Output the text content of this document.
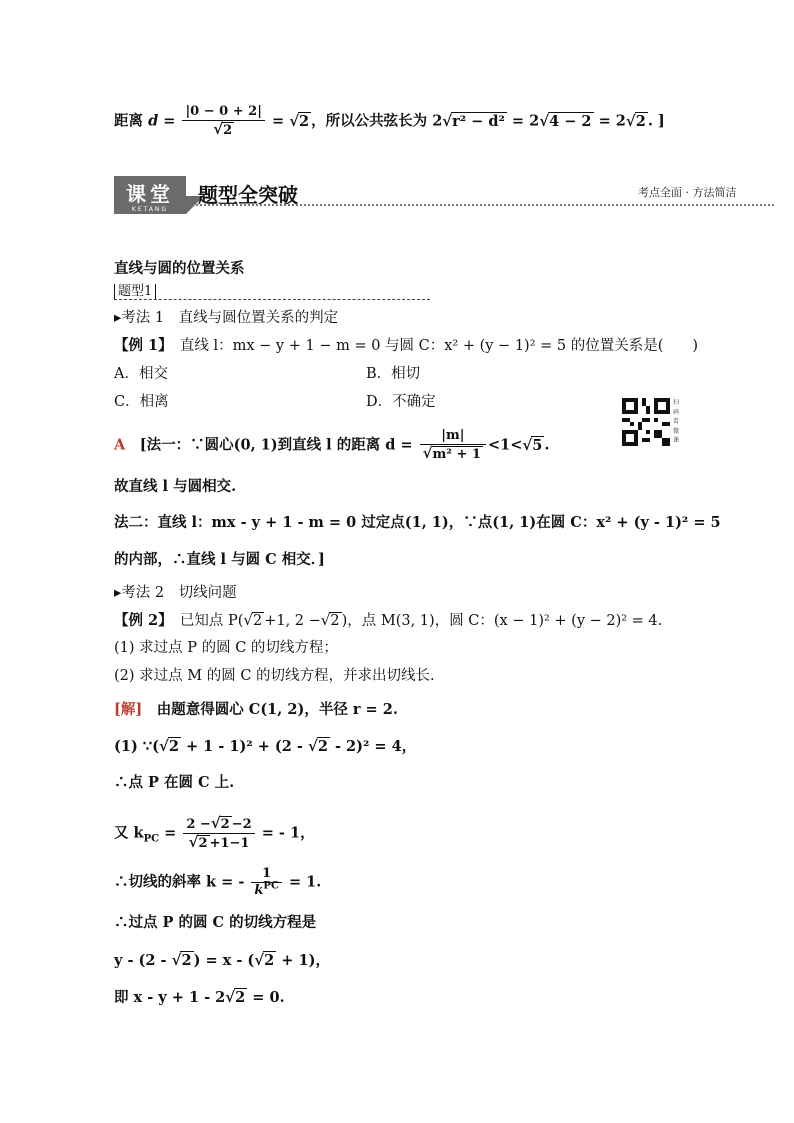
距离 $d = \frac{|0 - 0 + 2|}{√2} = √2$ ，所以公共弦长为 2√r² − d² = 2√4 − 2 = 2√2 . ]
课堂
KETANG
题型全突破	考点全面 · 方法简洁
直线与圆的位置关系
题型1
▸考法 1　直线与圆位置关系的判定
【例 1】　直线 l：mx − y + 1 − m = 0 与圆 C：x² + (y − 1)² = 5 的位置关系是(　　)
A．相交	B．相切
C．相离	D．不确定	扫码看微课
A　 [法一：∵圆心(0, 1)到直线 l 的距离 $d = \frac{|m|}{\text{√m² + 1}} <1<√5$ .
故直线 l 与圆相交.
法二：直线 l：mx - y + 1 - m = 0 过定点(1, 1)，∵点(1, 1)在圆 C：x² + (y - 1)² = 5
的内部，∴直线 l 与圆 C 相交．]
▸考法 2　切线问题
【例 2】　已知点 P(√2 +1, 2 −√2 )，点 M(3, 1)，圆 C：(x − 1)² + (y − 2)² = 4.
(1) 求过点 P 的圆 C 的切线方程；
(2) 求过点 M 的圆 C 的切线方程，并求出切线长.
[解]　由题意得圆心 C(1, 2)，半径 r = 2.
(1) ∵(√2 + 1 - 1)² + (2 - √2 - 2)² = 4，
∴点 P 在圆 C 上.
又 $k_{PC} = \frac{2 -√2 -2}{√2 +1-1}$ = - 1，
∴切线的斜率 k = - $\frac{1}{k^{PC}} = 1$.
∴过点 P 的圆 C 的切线方程是
y - (2 - √2 ) = x - (√2 + 1)，
即 x - y + 1 - 2√2 = 0.
